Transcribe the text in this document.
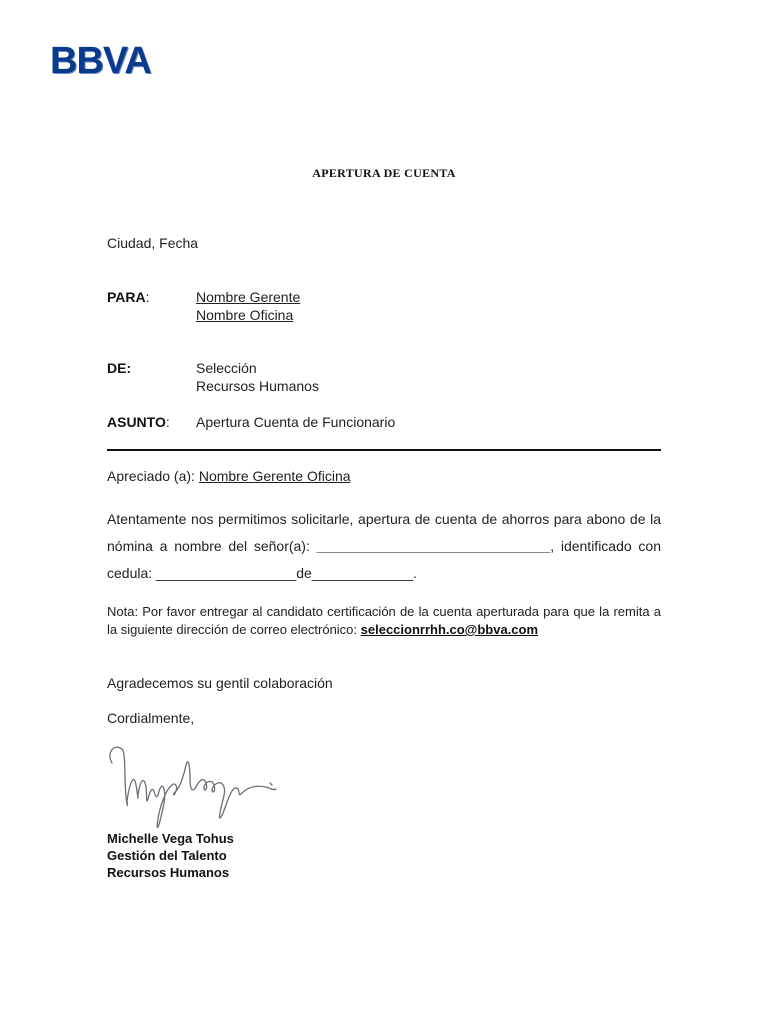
BBVA
APERTURA DE CUENTA
Ciudad, Fecha
PARA:	Nombre Gerente
Nombre Oficina
DE:	Selección
Recursos Humanos
ASUNTO: Apertura Cuenta de Funcionario
Apreciado (a): Nombre Gerente Oficina
Atentamente nos permitimos solicitarle, apertura de cuenta de ahorros para abono de la nómina a nombre del señor(a): ______________________________, identificado con cedula: __________________de_____________.
Nota: Por favor entregar al candidato certificación de la cuenta aperturada para que la remita a la siguiente dirección de correo electrónico: seleccionrrhh.co@bbva.com
Agradecemos su gentil colaboración
Cordialmente,
Michelle Vega Tohus
Gestión del Talento
Recursos Humanos
